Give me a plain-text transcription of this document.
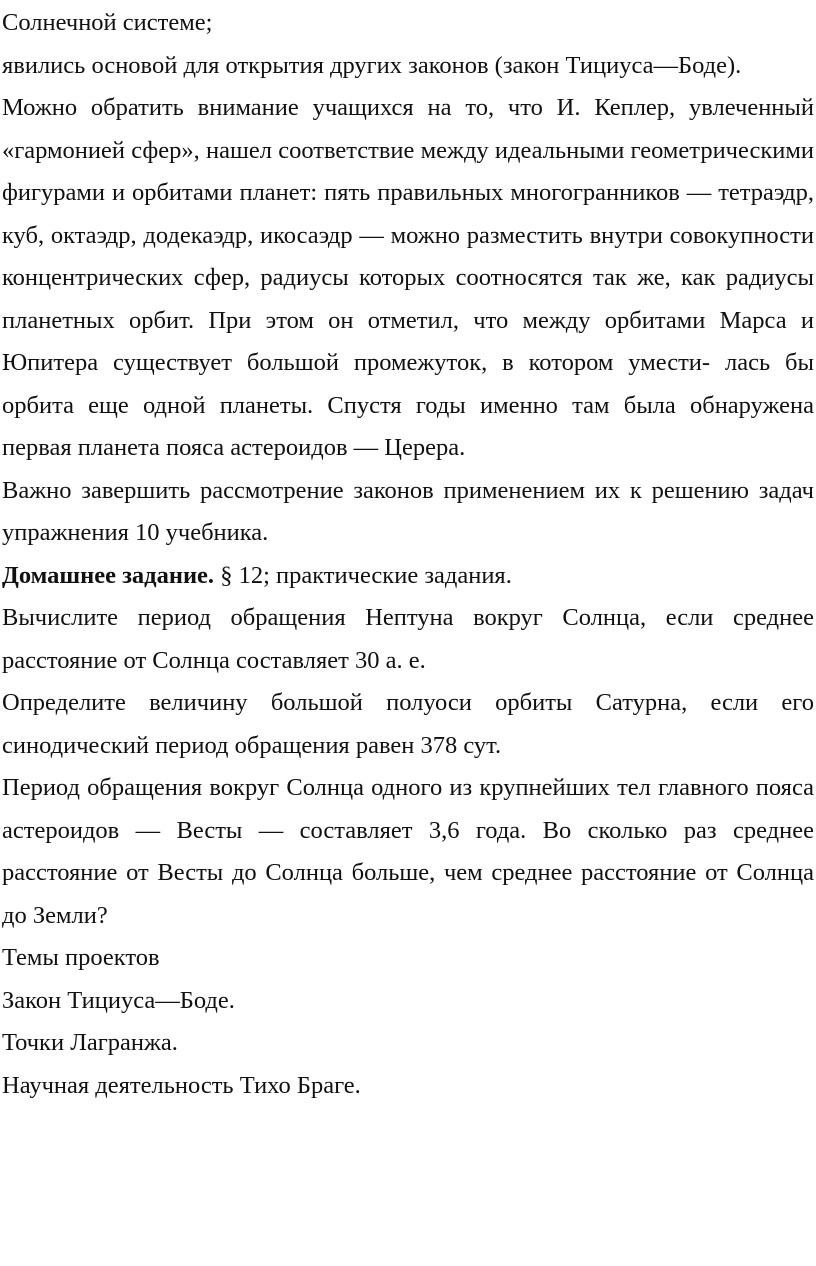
Солнечной системе;

явились основой для открытия других законов (закон Тициуса—Боде).

Можно обратить внимание учащихся на то, что И. Кеплер, увлеченный «гармонией сфер», нашел соответствие между идеальными геометрическими фигурами и орбитами планет: пять правильных многогранников — тетраэдр, куб, октаэдр, додекаэдр, икосаэдр — можно разместить внутри совокупности концентрических сфер, радиусы которых соотносятся так же, как радиусы планетных орбит. При этом он отметил, что между орбитами Марса и Юпитера существует большой промежуток, в котором умести- лась бы орбита еще одной планеты. Спустя годы именно там была обнаружена первая планета пояса астероидов — Церера.

Важно завершить рассмотрение законов применением их к решению задач упражнения 10 учебника.

Домашнее задание. § 12; практические задания.

Вычислите период обращения Нептуна вокруг Солнца, если среднее расстояние от Солнца составляет 30 а. е.

Определите величину большой полуоси орбиты Сатурна, если его синодический период обращения равен 378 сут.

Период обращения вокруг Солнца одного из крупнейших тел главного пояса астероидов — Весты — составляет 3,6 года. Во сколько раз среднее расстояние от Весты до Солнца больше, чем среднее расстояние от Солнца до Земли?

Темы проектов

Закон Тициуса—Боде.

Точки Лагранжа.

Научная деятельность Тихо Браге.
